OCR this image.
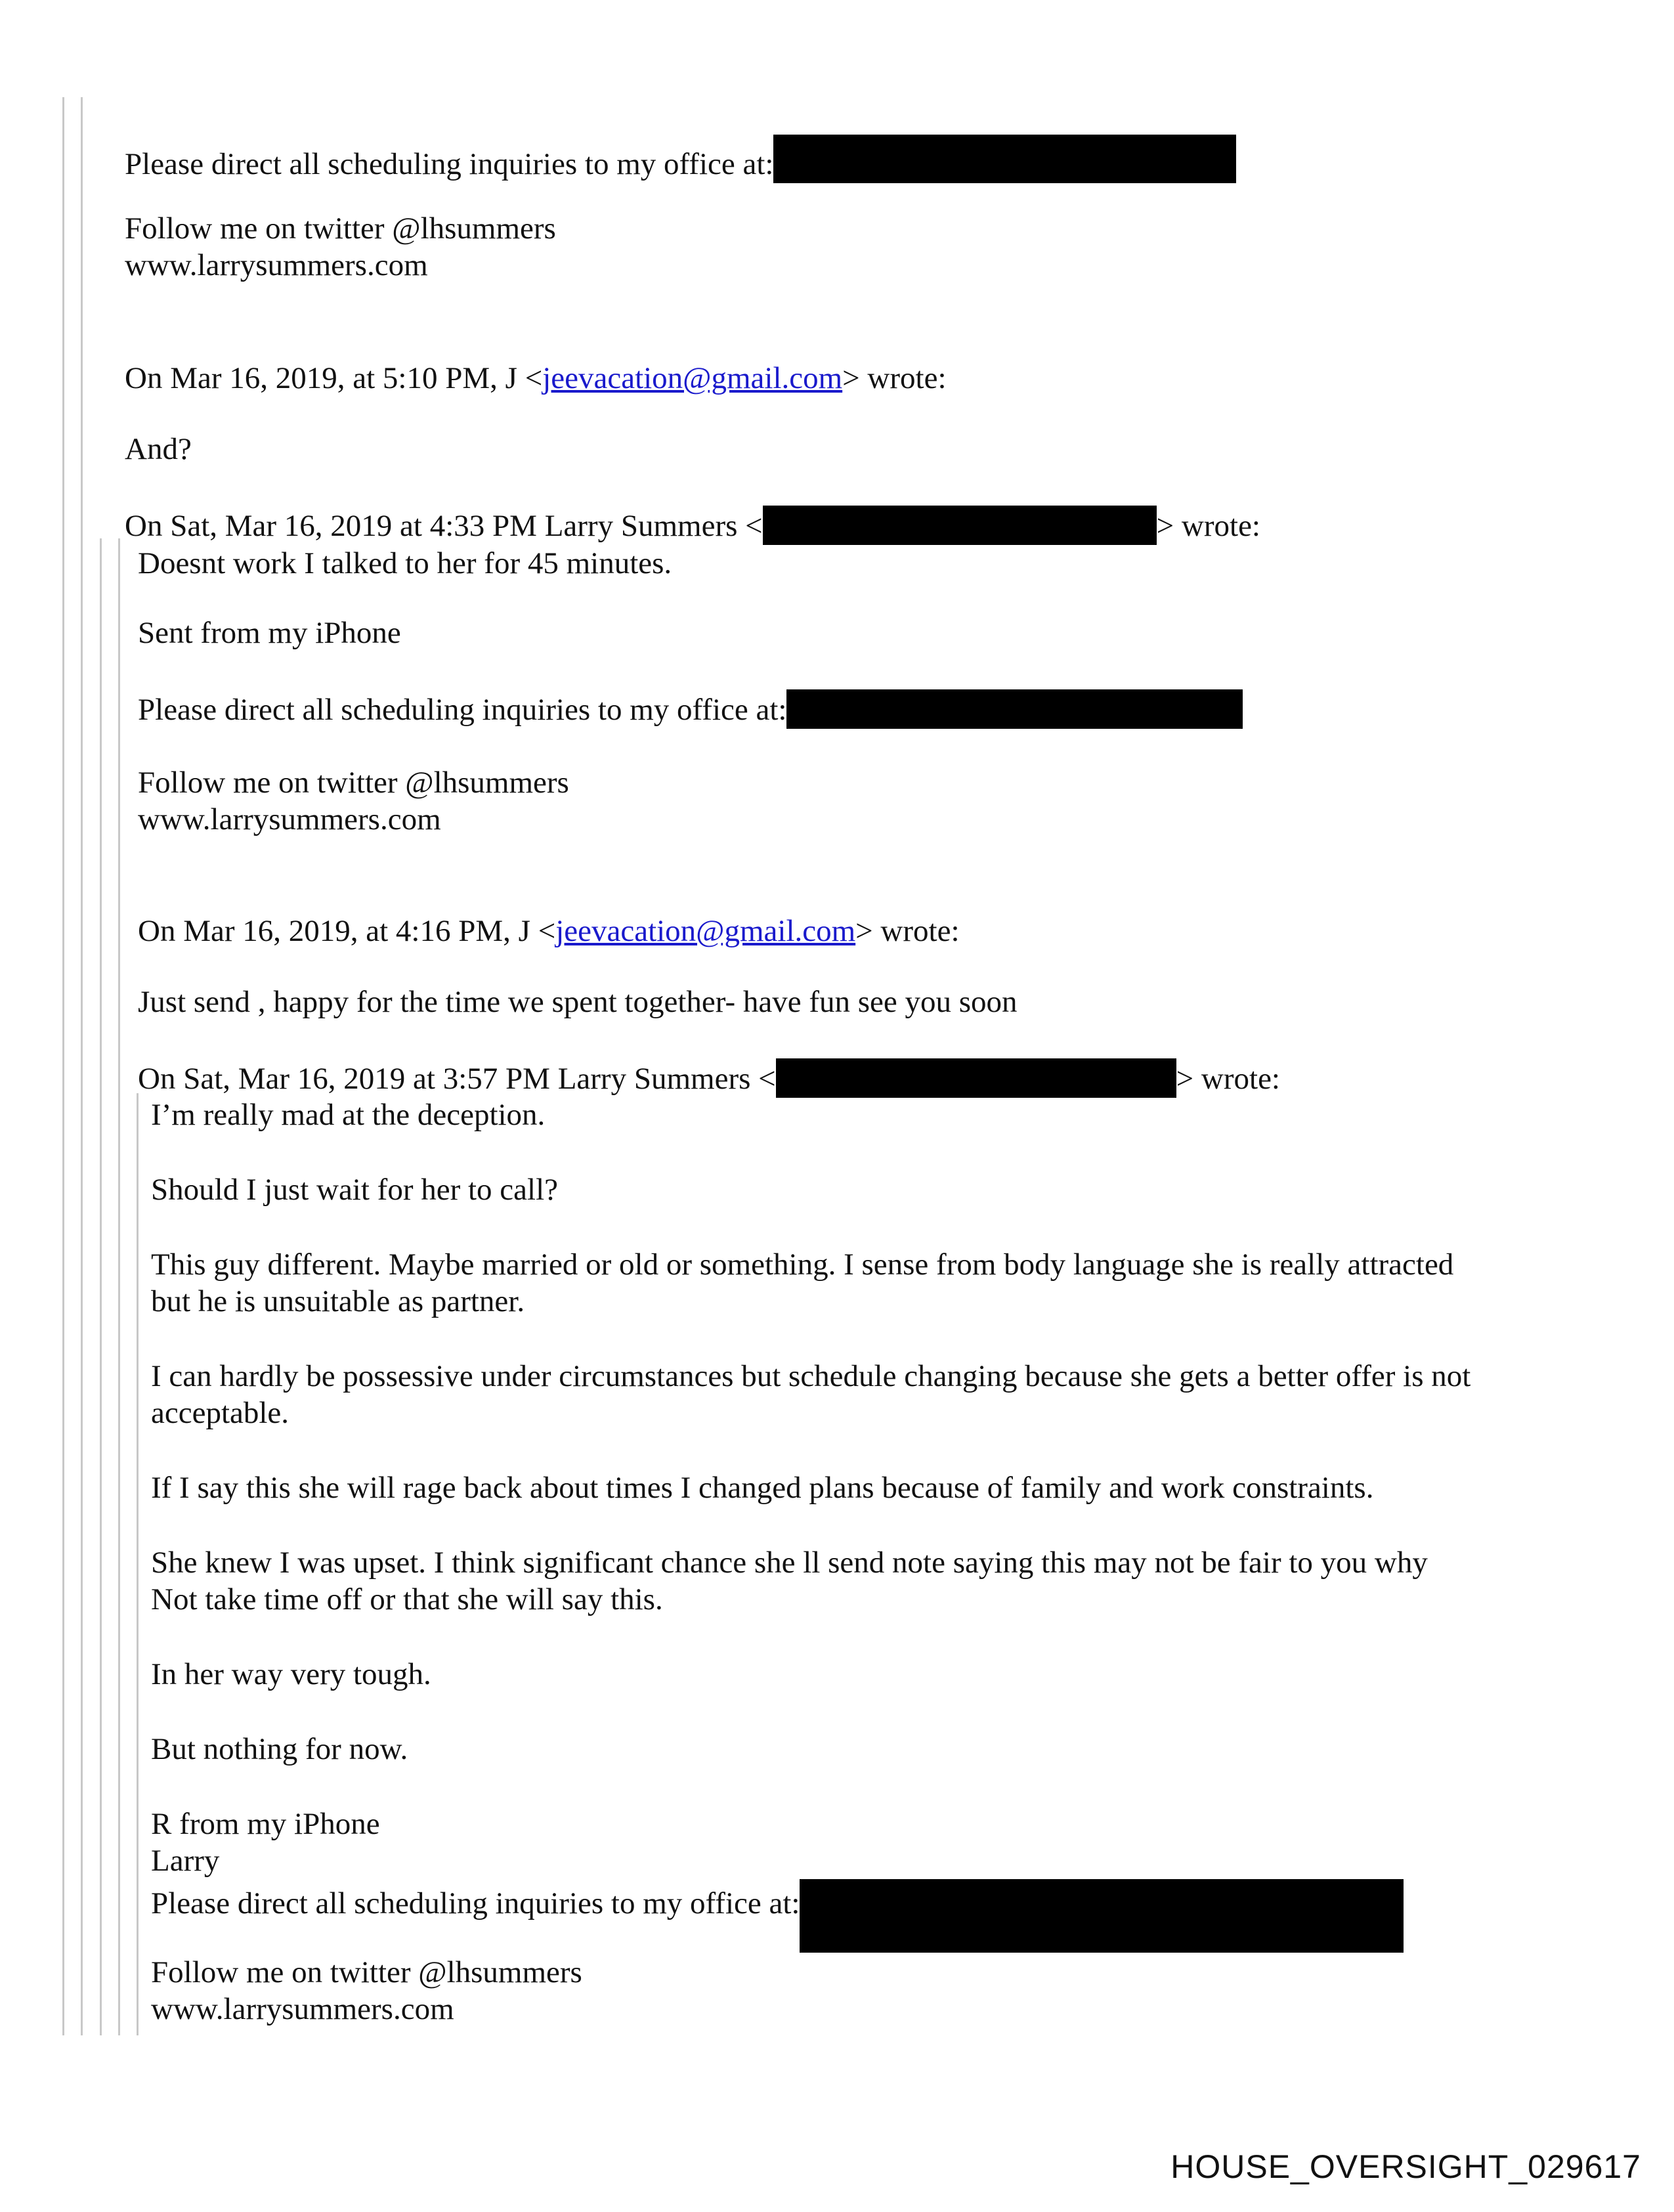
Please direct all scheduling inquiries to my office at:
Follow me on twitter @lhsummers
www.larrysummers.com
On Mar 16, 2019, at 5:10 PM, J <jeevacation@gmail.com> wrote:
And?
On Sat, Mar 16, 2019 at 4:33 PM Larry Summers <	> wrote:
Doesnt work I talked to her for 45 minutes.
Sent from my iPhone
Please direct all scheduling inquiries to my office at:
Follow me on twitter @lhsummers
www.larrysummers.com
On Mar 16, 2019, at 4:16 PM, J <jeevacation@gmail.com> wrote:
Just send , happy for the time we spent together- have fun see you soon
On Sat, Mar 16, 2019 at 3:57 PM Larry Summers <	> wrote:
I’m really mad at the deception.
Should I just wait for her to call?
This guy different. Maybe married or old or something. I sense from body language she is really attracted
but he is unsuitable as partner.
I can hardly be possessive under circumstances but schedule changing because she gets a better offer is not
acceptable.
If I say this she will rage back about times I changed plans because of family and work constraints.
She knew I was upset. I think significant chance she ll send note saying this may not be fair to you why
Not take time off or that she will say this.
In her way very tough.
But nothing for now.
R from my iPhone
Larry
Please direct all scheduling inquiries to my office at:
Follow me on twitter @lhsummers
www.larrysummers.com
HOUSE_OVERSIGHT_029617
